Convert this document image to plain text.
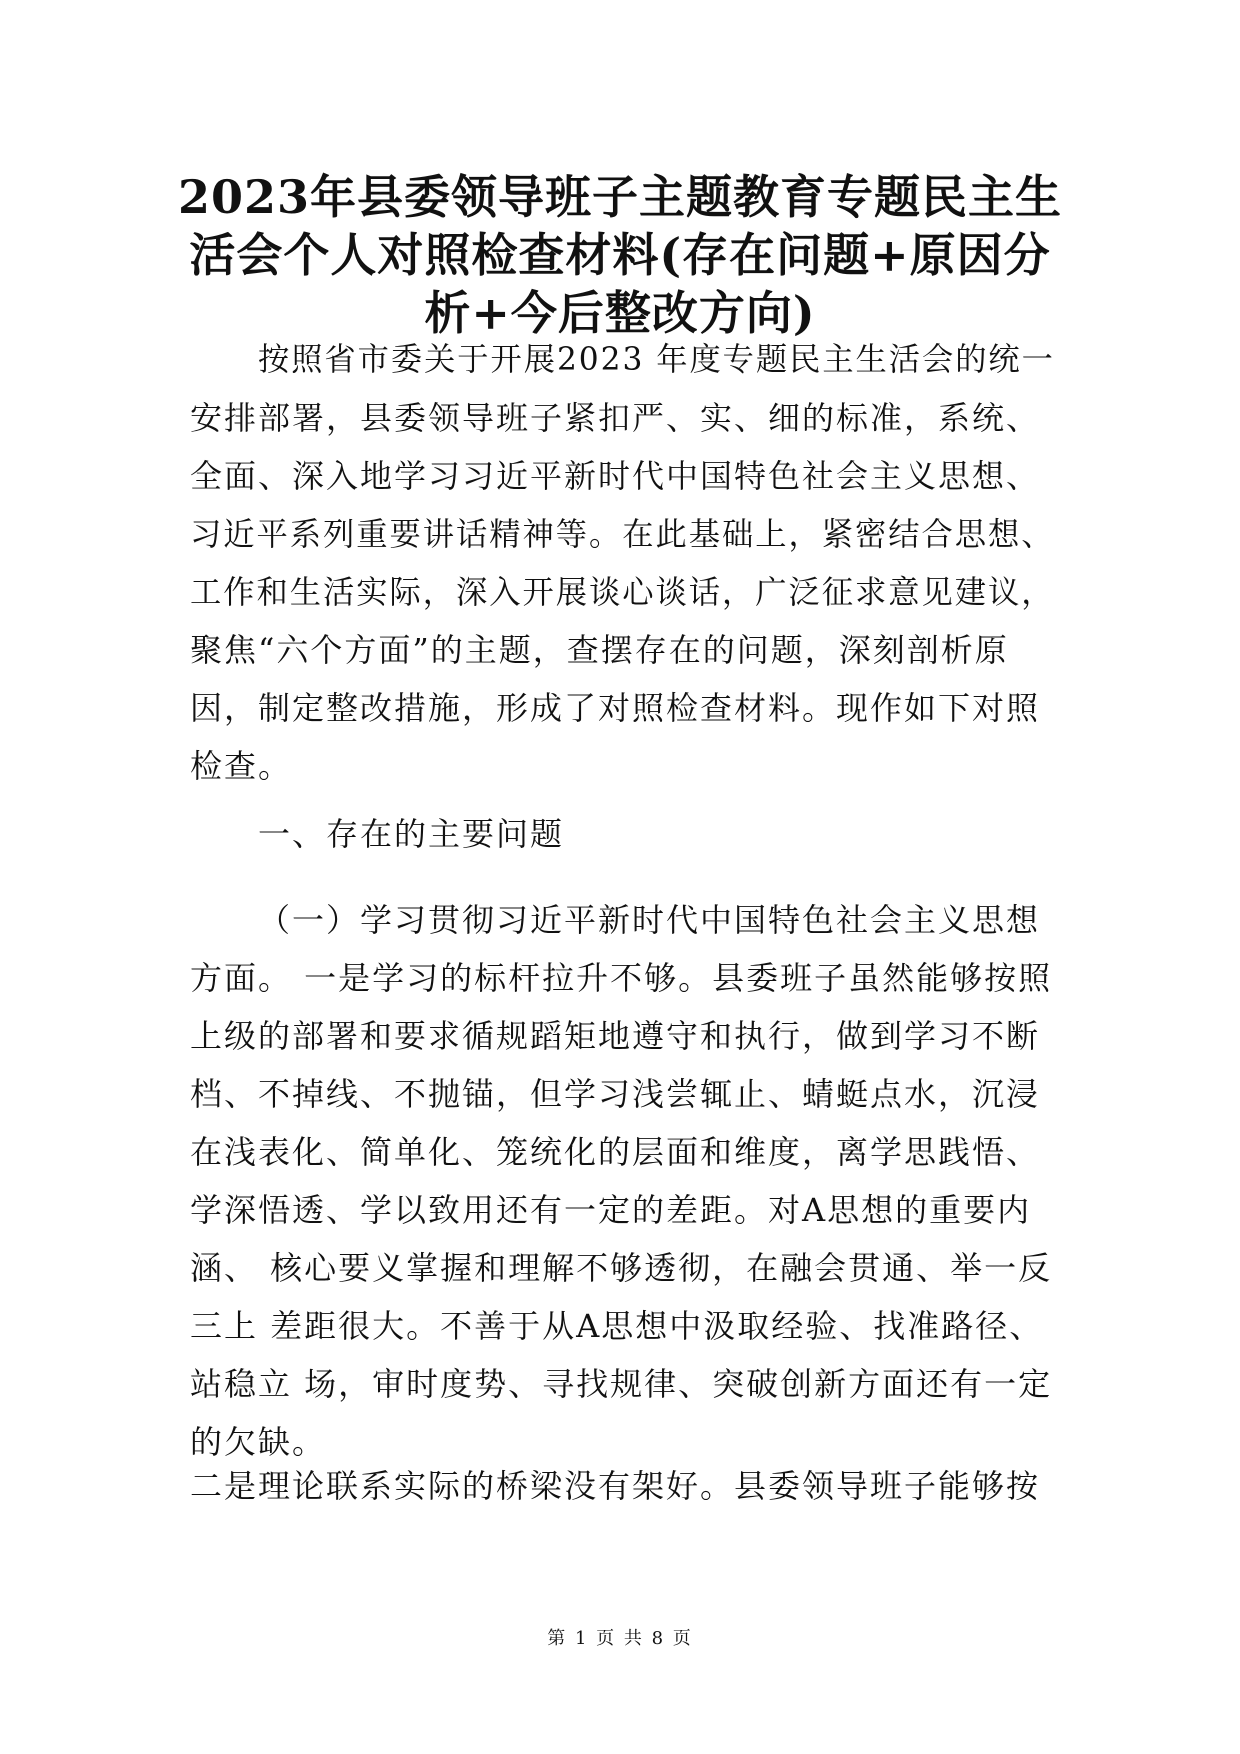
2023年县委领导班子主题教育专题民主生
活会个人对照检查材料(存在问题+原因分
析+今后整改方向)
按照省市委关于开展2023 年度专题民主生活会的统一
安排部署，县委领导班子紧扣严、实、细的标准，系统、
全面、深入地学习习近平新时代中国特色社会主义思想、
习近平系列重要讲话精神等。在此基础上，紧密结合思想、
工作和生活实际，深入开展谈心谈话，广泛征求意见建议，
聚焦“六个方面”的主题，查摆存在的问题，深刻剖析原
因，制定整改措施，形成了对照检查材料。现作如下对照
检查。
一、存在的主要问题
（一）学习贯彻习近平新时代中国特色社会主义思想
方面。 一是学习的标杆拉升不够。县委班子虽然能够按照
上级的部署和要求循规蹈矩地遵守和执行，做到学习不断
档、不掉线、不抛锚，但学习浅尝辄止、蜻蜓点水，沉浸
在浅表化、简单化、笼统化的层面和维度，离学思践悟、
学深悟透、学以致用还有一定的差距。对A思想的重要内
涵、 核心要义掌握和理解不够透彻，在融会贯通、举一反
三上 差距很大。不善于从A思想中汲取经验、找准路径、
站稳立 场，审时度势、寻找规律、突破创新方面还有一定
的欠缺。
二是理论联系实际的桥梁没有架好。县委领导班子能够按
第 1 页 共 8 页
